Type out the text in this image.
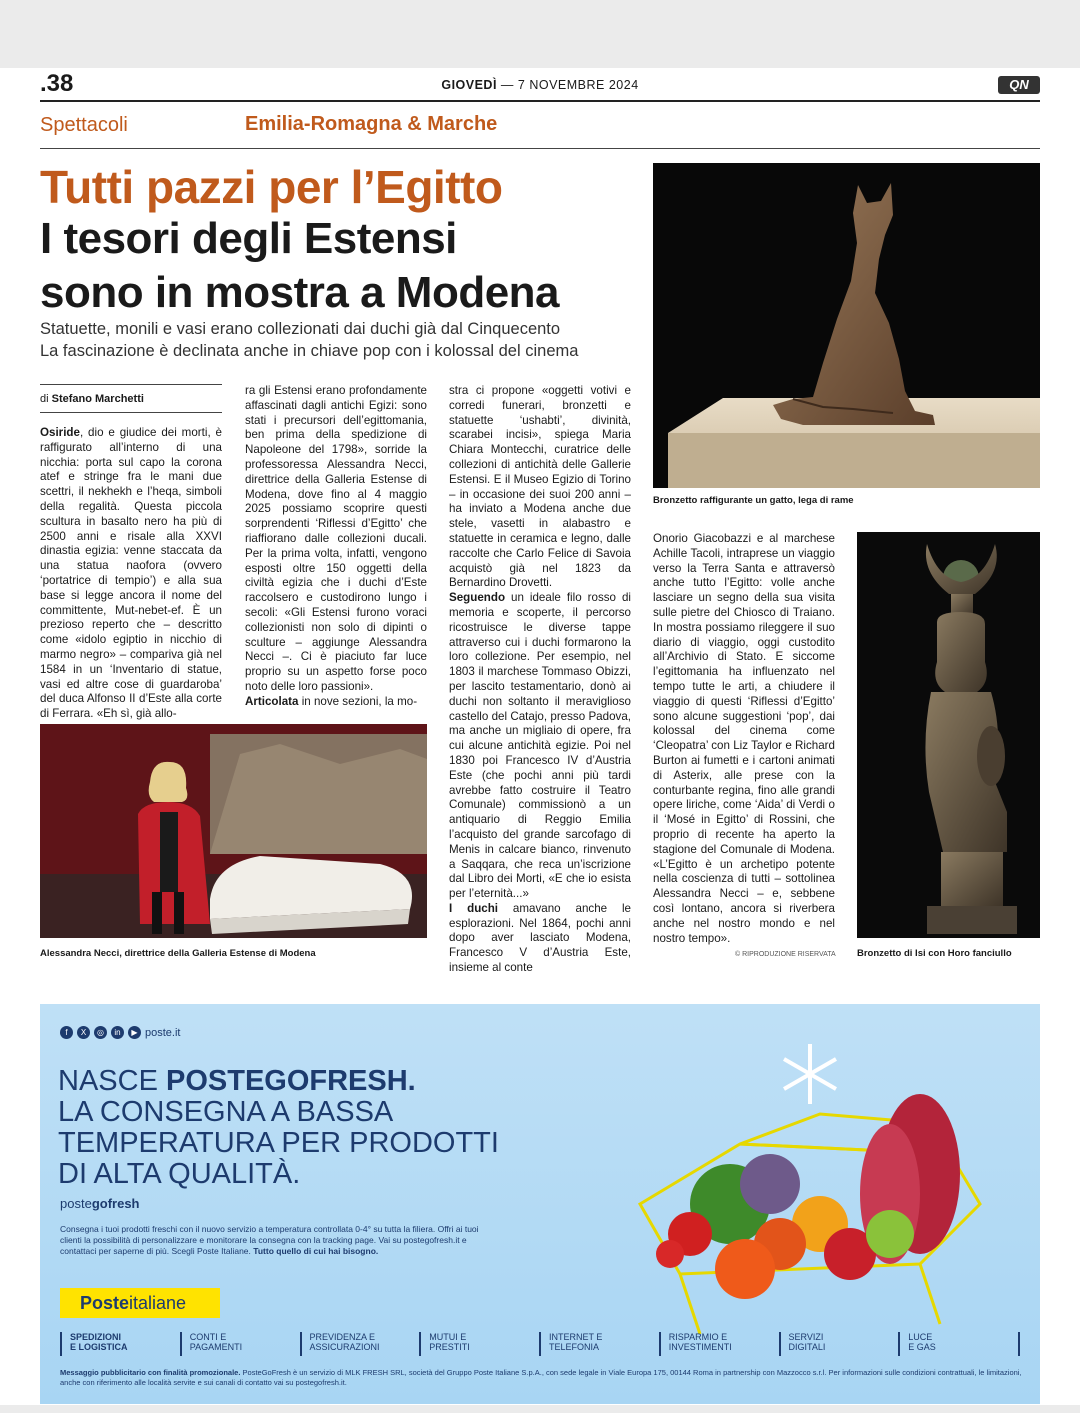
.38	GIOVEDÌ — 7 NOVEMBRE 2024	QN
Spettacoli	Emilia-Romagna & Marche
Tutti pazzi per l’Egitto
I tesori degli Estensi
sono in mostra a Modena
Statuette, monili e vasi erano collezionati dai duchi già dal Cinquecento
La fascinazione è declinata anche in chiave pop con i kolossal del cinema
di Stefano Marchetti

Osiride, dio e giudice dei morti, è raffigurato all’interno di una nicchia: porta sul capo la corona atef e stringe fra le mani due scettri, il nekhekh e l’heqa, simboli della regalità. Questa piccola scultura in basalto nero ha più di 2500 anni e risale alla XXVI dinastia egizia: venne staccata da una statua naofora (ovvero ‘portatrice di tempio’) e alla sua base si legge ancora il nome del committente, Mut-nebet-ef. È un prezioso reperto che – descritto come «idolo egiptio in nicchio di marmo negro» – compariva già nel 1584 in un ‘Inventario di statue, vasi ed altre cose di guardaroba’ del duca Alfonso II d’Este alla corte di Ferrara. «Eh sì, già allo-

ra gli Estensi erano profondamente affascinati dagli antichi Egizi: sono stati i precursori dell’egittomania, ben prima della spedizione di Napoleone del 1798», sorride la professoressa Alessandra Necci, direttrice della Galleria Estense di Modena, dove fino al 4 maggio 2025 possiamo scoprire questi sorprendenti ‘Riflessi d’Egitto’ che riaffiorano dalle collezioni ducali. Per la prima volta, infatti, vengono esposti oltre 150 oggetti della civiltà egizia che i duchi d’Este raccolsero e custodirono lungo i secoli: «Gli Estensi furono voraci collezionisti non solo di dipinti o sculture – aggiunge Alessandra Necci –. Ci è piaciuto far luce proprio su un aspetto forse poco noto delle loro passioni».

Articolata in nove sezioni, la mo-

stra ci propone «oggetti votivi e corredi funerari, bronzetti e statuette ‘ushabti’, divinità, scarabei incisi», spiega Maria Chiara Montecchi, curatrice delle collezioni di antichità delle Gallerie Estensi. E il Museo Egizio di Torino – in occasione dei suoi 200 anni – ha inviato a Modena anche due stele, vasetti in alabastro e statuette in ceramica e legno, dalle raccolte che Carlo Felice di Savoia acquistò già nel 1823 da Bernardino Drovetti.

Seguendo un ideale filo rosso di memoria e scoperte, il percorso ricostruisce le diverse tappe attraverso cui i duchi formarono la loro collezione. Per esempio, nel 1803 il marchese Tommaso Obizzi, per lascito testamentario, donò ai duchi non soltanto il meraviglioso castello del Catajo, presso Padova, ma anche un migliaio di opere, fra cui alcune antichità egizie. Poi nel 1830 poi Francesco IV d’Austria Este (che pochi anni più tardi avrebbe fatto costruire il Teatro Comunale) commissionò a un antiquario di Reggio Emilia l’acquisto del grande sarcofago di Menis in calcare bianco, rinvenuto a Saqqara, che reca un’iscrizione dal Libro dei Morti, «E che io esista per l’eternità...»

I duchi amavano anche le esplorazioni. Nel 1864, pochi anni dopo aver lasciato Modena, Francesco V d’Austria Este, insieme al conte

Onorio Giacobazzi e al marchese Achille Tacoli, intraprese un viaggio verso la Terra Santa e attraversò anche tutto l’Egitto: volle anche lasciare un segno della sua visita sulle pietre del Chiosco di Traiano. In mostra possiamo rileggere il suo diario di viaggio, oggi custodito all’Archivio di Stato. E siccome l’egittomania ha influenzato nel tempo tutte le arti, a chiudere il viaggio di questi ‘Riflessi d’Egitto’ sono alcune suggestioni ‘pop’, dai kolossal del cinema come ‘Cleopatra’ con Liz Taylor e Richard Burton ai fumetti e i cartoni animati di Asterix, alle prese con la conturbante regina, fino alle grandi opere liriche, come ‘Aida’ di Verdi o il ‘Mosé in Egitto’ di Rossini, che proprio di recente ha aperto la stagione del Comunale di Modena. «L’Egitto è un archetipo potente nella coscienza di tutti – sottolinea Alessandra Necci – e, sebbene così lontano, ancora si riverbera anche nel nostro mondo e nel nostro tempo».

© RIPRODUZIONE RISERVATA
Bronzetto raffigurante un gatto, lega di rame
Alessandra Necci, direttrice della Galleria Estense di Modena	Bronzetto di Isi con Horo fanciullo
f	X	◎	in	▶ poste.it
NASCE POSTEGOFRESH.
LA CONSEGNA A BASSA
TEMPERATURA PER PRODOTTI
DI ALTA QUALITÀ.
postegofresh
Consegna i tuoi prodotti freschi con il nuovo servizio a temperatura controllata 0-4° su tutta la filiera. Offri ai tuoi clienti la possibilità di personalizzare e monitorare la consegna con la tracking page. Vai su postegofresh.it e contattaci per saperne di più. Scegli Poste Italiane. Tutto quello di cui hai bisogno.
Posteitaliane
SPEDIZIONI
E LOGISTICA
CONTI E
PAGAMENTI
PREVIDENZA E
ASSICURAZIONI
MUTUI E
PRESTITI
INTERNET E
TELEFONIA
RISPARMIO E
INVESTIMENTI
SERVIZI
DIGITALI
LUCE
E GAS
Messaggio pubblicitario con finalità promozionale. PosteGoFresh è un servizio di MLK FRESH SRL, società del Gruppo Poste Italiane S.p.A., con sede legale in Viale Europa 175, 00144 Roma in partnership con Mazzocco s.r.l. Per informazioni sulle condizioni contrattuali, le limitazioni, anche con riferimento alle località servite e sui canali di contatto vai su postegofresh.it.
